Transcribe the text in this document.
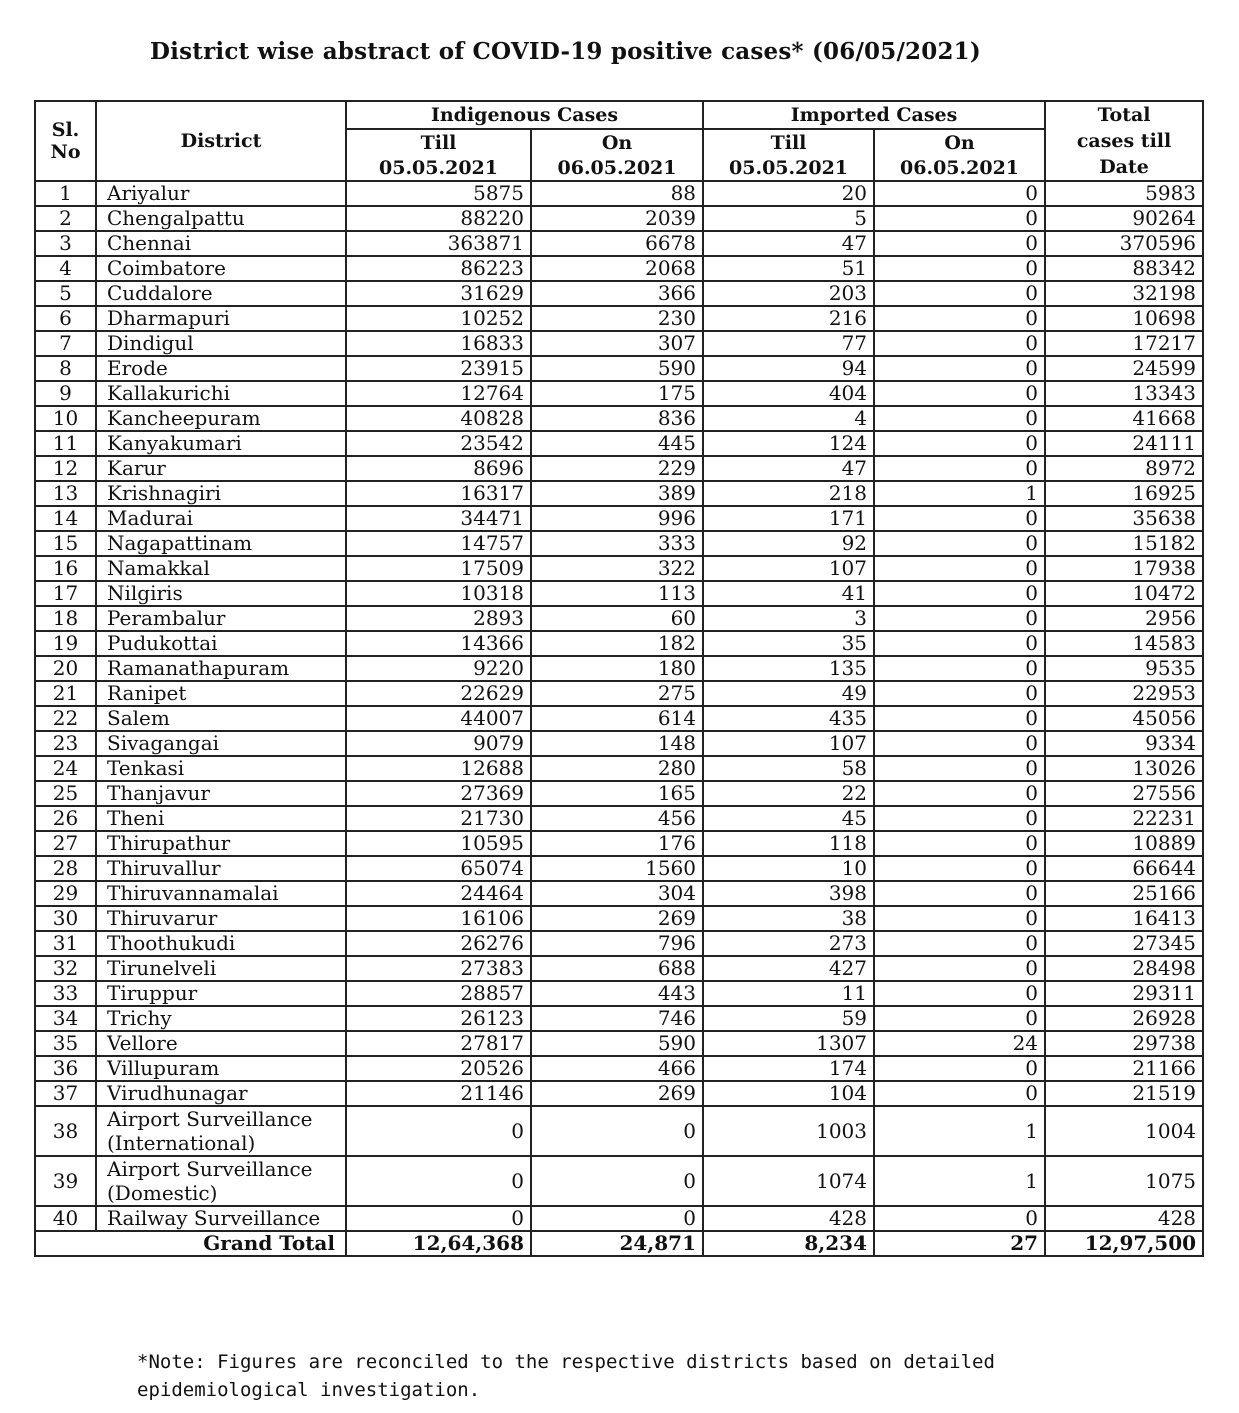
District wise abstract of COVID-19 positive cases* (06/05/2021)
Sl. No	District	Indigenous Cases		Imported Cases		Total cases till Date
		Till	On	Till	On	
		05.05.2021	06.05.2021	05.05.2021	06.05.2021	
1	Ariyalur	5875	88	20	0	5983
2	Chengalpattu	88220	2039	5	0	90264
3	Chennai	363871	6678	47	0	370596
4	Coimbatore	86223	2068	51	0	88342
5	Cuddalore	31629	366	203	0	32198
6	Dharmapuri	10252	230	216	0	10698
7	Dindigul	16833	307	77	0	17217
8	Erode	23915	590	94	0	24599
9	Kallakurichi	12764	175	404	0	13343
10	Kancheepuram	40828	836	4	0	41668
11	Kanyakumari	23542	445	124	0	24111
12	Karur	8696	229	47	0	8972
13	Krishnagiri	16317	389	218	1	16925
14	Madurai	34471	996	171	0	35638
15	Nagapattinam	14757	333	92	0	15182
16	Namakkal	17509	322	107	0	17938
17	Nilgiris	10318	113	41	0	10472
18	Perambalur	2893	60	3	0	2956
19	Pudukottai	14366	182	35	0	14583
20	Ramanathapuram	9220	180	135	0	9535
21	Ranipet	22629	275	49	0	22953
22	Salem	44007	614	435	0	45056
23	Sivagangai	9079	148	107	0	9334
24	Tenkasi	12688	280	58	0	13026
25	Thanjavur	27369	165	22	0	27556
26	Theni	21730	456	45	0	22231
27	Thirupathur	10595	176	118	0	10889
28	Thiruvallur	65074	1560	10	0	66644
29	Thiruvannamalai	24464	304	398	0	25166
30	Thiruvarur	16106	269	38	0	16413
31	Thoothukudi	26276	796	273	0	27345
32	Tirunelveli	27383	688	427	0	28498
33	Tiruppur	28857	443	11	0	29311
34	Trichy	26123	746	59	0	26928
35	Vellore	27817	590	1307	24	29738
36	Villupuram	20526	466	174	0	21166
37	Virudhunagar	21146	269	104	0	21519
38	Airport Surveillance
(International)	0	0	1003	1	1004
39	Airport Surveillance
(Domestic)	0	0	1074	1	1075
40	Railway Surveillance	0	0	428	0	428
Grand Total		12,64,368	24,871	8,234	27	12,97,500
*Note: Figures are reconciled to the respective districts based on detailed epidemiological investigation.
